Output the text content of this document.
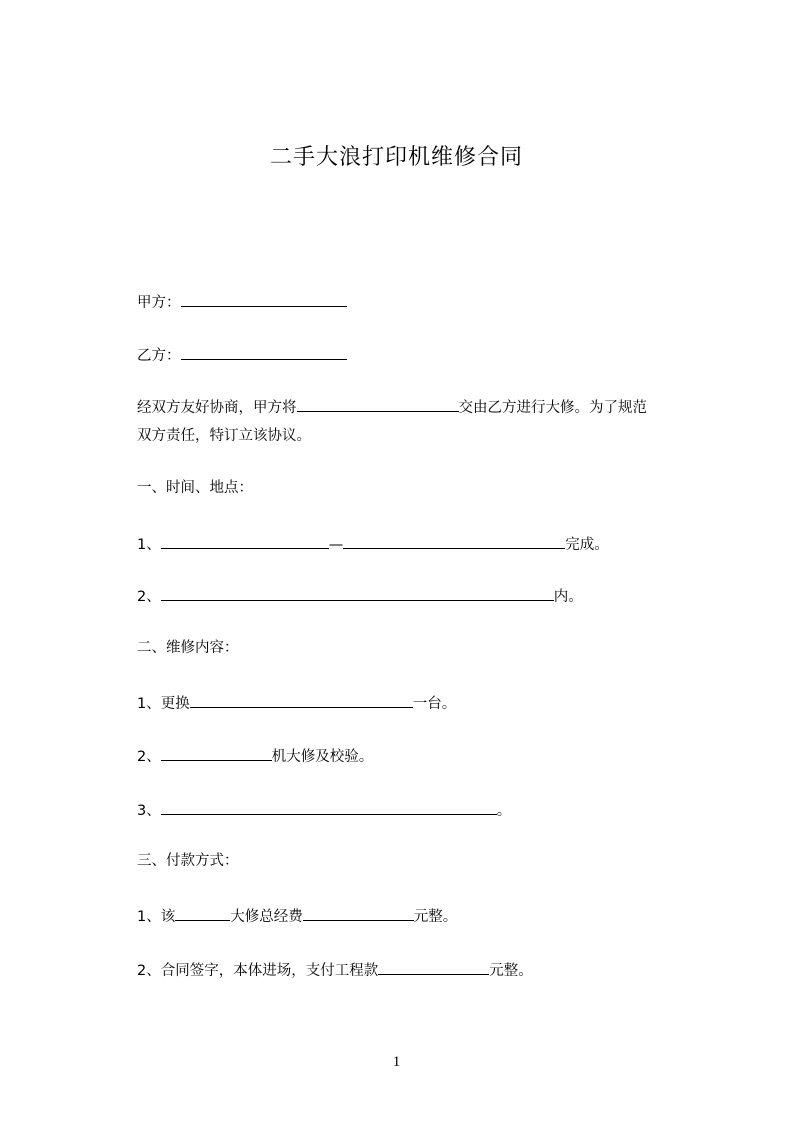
二手大浪打印机维修合同
甲方：
乙方：
经双方友好协商，甲方将	交由乙方进行大修。为了规范
双方责任，特订立该协议。
一、时间、地点：
1、	—	完成。
2、	内。
二、维修内容：
1、更换	一台。
2、	机大修及校验。
3、	。
三、付款方式：
1、该	大修总经费	元整。
2、合同签字，本体进场，支付工程款	元整。
1
